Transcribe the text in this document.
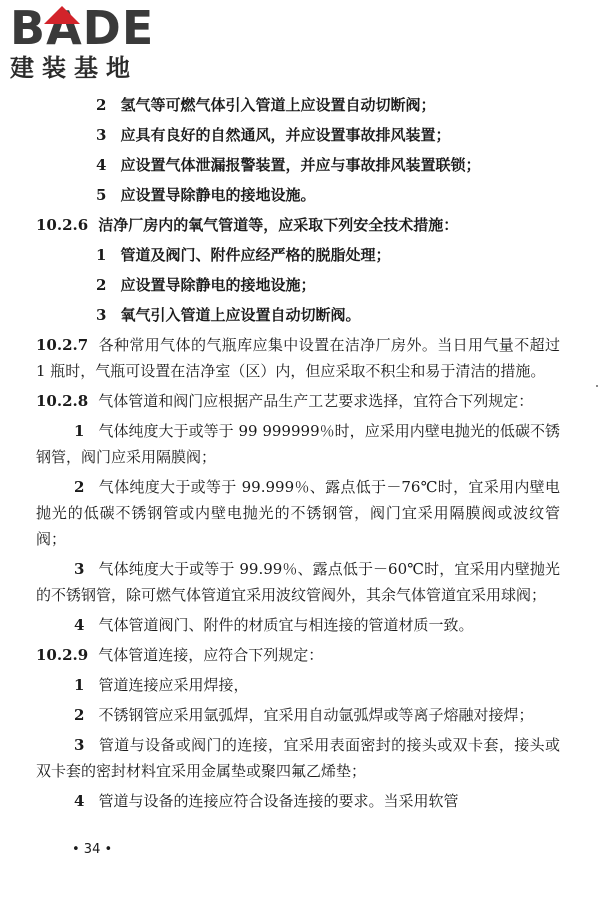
B A DE
建装基地
2 氢气等可燃气体引入管道上应设置自动切断阀；
3 应具有良好的自然通风，并应设置事故排风装置；
4 应设置气体泄漏报警装置，并应与事故排风装置联锁；
5 应设置导除静电的接地设施。
10.2.6 洁净厂房内的氧气管道等，应采取下列安全技术措施：
1 管道及阀门、附件应经严格的脱脂处理；
2 应设置导除静电的接地设施；
3 氧气引入管道上应设置自动切断阀。
10.2.7 各种常用气体的气瓶库应集中设置在洁净厂房外。当日用气量不超过 1 瓶时，气瓶可设置在洁净室（区）内，但应采取不积尘和易于清洁的措施。
10.2.8 气体管道和阀门应根据产品生产工艺要求选择，宜符合下列规定：
1 气体纯度大于或等于 99 999999％时，应采用内壁电抛光的低碳不锈钢管，阀门应采用隔膜阀；
2 气体纯度大于或等于 99.999％、露点低于－76℃时，宜采用内壁电抛光的低碳不锈钢管或内壁电抛光的不锈钢管，阀门宜采用隔膜阀或波纹管阀；
3 气体纯度大于或等于 99.99％、露点低于－60℃时，宜采用内壁抛光的不锈钢管，除可燃气体管道宜采用波纹管阀外，其余气体管道宜采用球阀；
4 气体管道阀门、附件的材质宜与相连接的管道材质一致。
10.2.9 气体管道连接，应符合下列规定：
1 管道连接应采用焊接，
2 不锈钢管应采用氩弧焊，宜采用自动氩弧焊或等离子熔融对接焊；
3 管道与设备或阀门的连接，宜采用表面密封的接头或双卡套，接头或双卡套的密封材料宜采用金属垫或聚四氟乙烯垫；
4 管道与设备的连接应符合设备连接的要求。当采用软管
• 34 •
